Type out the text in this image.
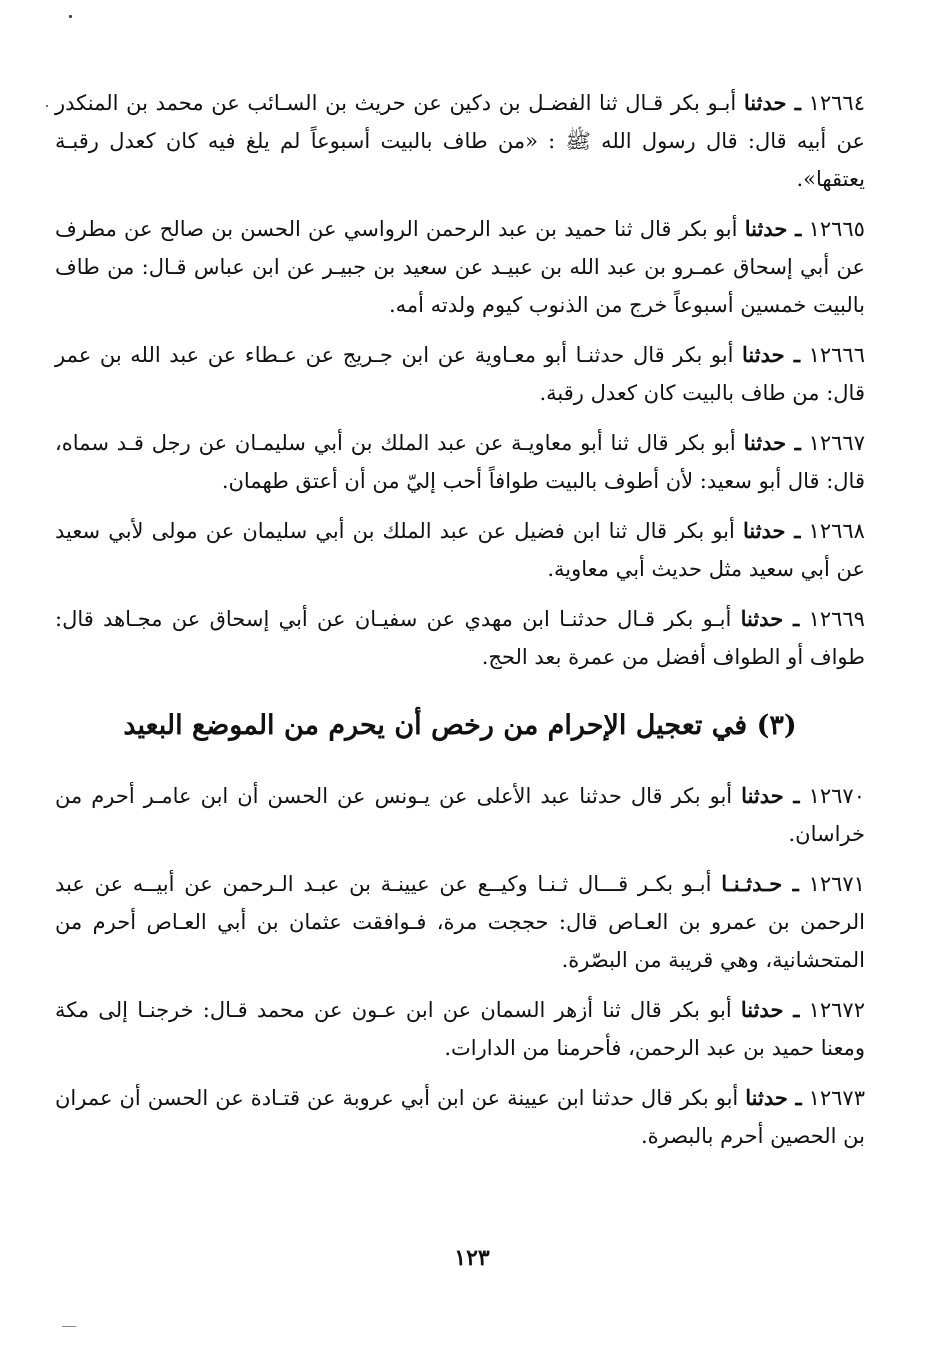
١٢٦٦٤ ـ حدثنا أبـو بكر قـال ثنا الفضـل بن دكين عن حريث بن السـائب عن محمد بن المنكدر عن أبيه قال: قال رسول الله ﷺ : «من طاف بالبيت أسبوعاً لم يلغ فيه كان كعدل رقبـة يعتقها».

١٢٦٦٥ ـ حدثنا أبو بكر قال ثنا حميد بن عبد الرحمن الرواسي عن الحسن بن صالح عن مطرف عن أبي إسحاق عمـرو بن عبد الله بن عبيـد عن سعيد بن جبيـر عن ابن عباس قـال: من طاف بالبيت خمسين أسبوعاً خرج من الذنوب كيوم ولدته أمه.

١٢٦٦٦ ـ حدثنا أبو بكر قال حدثنـا أبو معـاوية عن ابن جـريج عن عـطاء عن عبد الله بن عمر قال: من طاف بالبيت كان كعدل رقبة.

١٢٦٦٧ ـ حدثنا أبو بكر قال ثنا أبو معاويـة عن عبد الملك بن أبي سليمـان عن رجل قـد سماه، قال: قال أبو سعيد: لأن أطوف بالبيت طوافاً أحب إليّ من أن أعتق طهمان.

١٢٦٦٨ ـ حدثنا أبو بكر قال ثنا ابن فضيل عن عبد الملك بن أبي سليمان عن مولى لأبي سعيد عن أبي سعيد مثل حديث أبي معاوية.

١٢٦٦٩ ـ حدثنا أبـو بكر قـال حدثنـا ابن مهدي عن سفيـان عن أبي إسحاق عن مجـاهد قال: طواف أو الطواف أفضل من عمرة بعد الحج.

(٣) في تعجيل الإحرام من رخص أن يحرم من الموضع البعيد

١٢٦٧٠ ـ حدثنا أبو بكر قال حدثنا عبد الأعلى عن يـونس عن الحسن أن ابن عامـر أحرم من خراسان.

١٢٦٧١ ـ حـدثـنـا أبـو بكـر قـــال ثـنـا وكيــع عن عيينـة بن عبـد الـرحمن عن أبيــه عن عبد الرحمن بن عمرو بن العـاص قال: حججت مرة، فـوافقت عثمان بن أبي العـاص أحرم من المتحشانية، وهي قريبة من البصّرة.

١٢٦٧٢ ـ حدثنا أبو بكر قال ثنا أزهر السمان عن ابن عـون عن محمد قـال: خرجنـا إلى مكة ومعنا حميد بن عبد الرحمن، فأحرمنا من الدارات.

١٢٦٧٣ ـ حدثنا أبو بكر قال حدثنا ابن عيينة عن ابن أبي عروبة عن قتـادة عن الحسن أن عمران بن الحصين أحرم بالبصرة.

١٢٣
